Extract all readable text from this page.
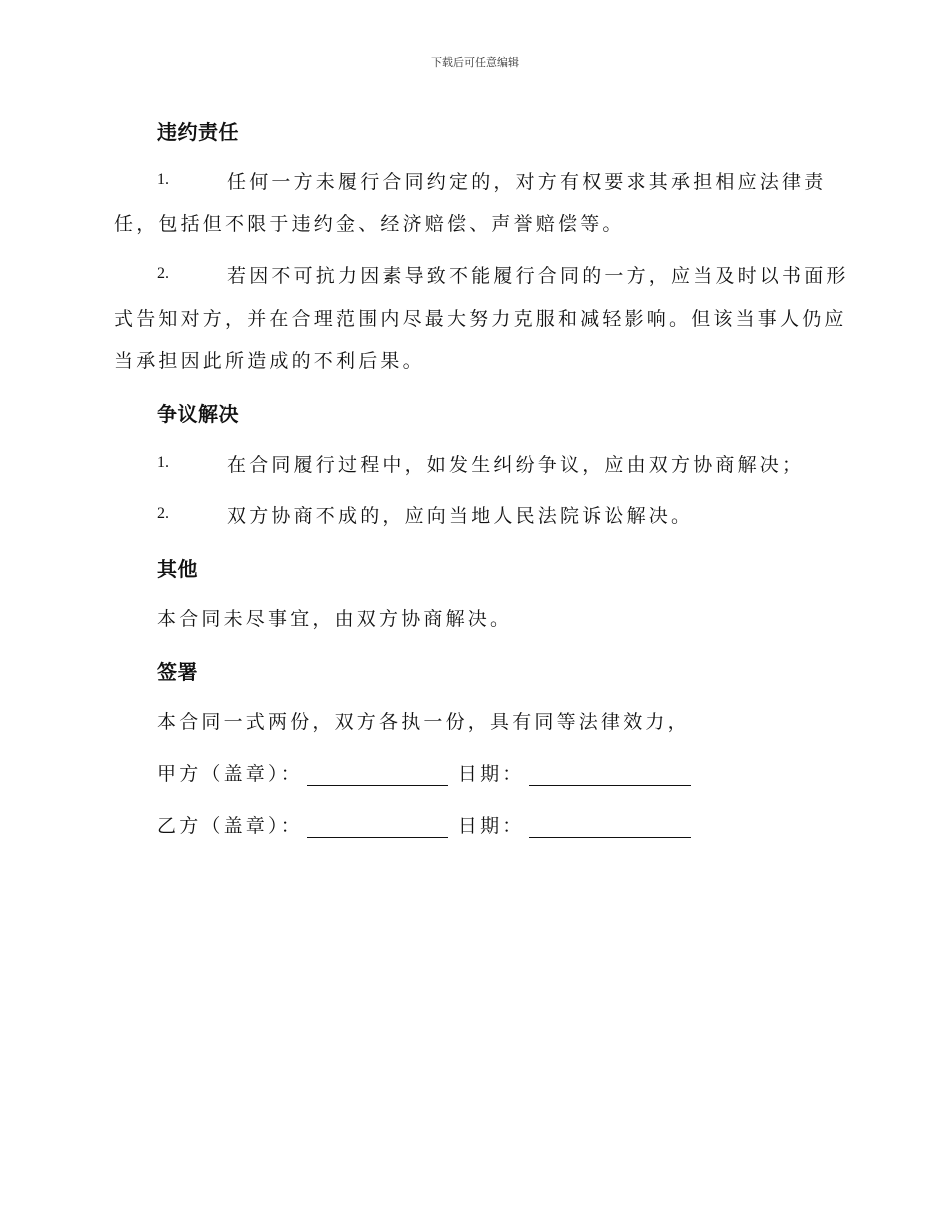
下载后可任意编辑
违约责任
1.	任何一方未履行合同约定的，对方有权要求其承担相应法律责
任，包括但不限于违约金、经济赔偿、声誉赔偿等。
2.	若因不可抗力因素导致不能履行合同的一方，应当及时以书面形
式告知对方，并在合理范围内尽最大努力克服和减轻影响。但该当事人仍应
当承担因此所造成的不利后果。
争议解决
1.	在合同履行过程中，如发生纠纷争议，应由双方协商解决；
2.	双方协商不成的，应向当地人民法院诉讼解决。
其他
本合同未尽事宜，由双方协商解决。
签署
本合同一式两份，双方各执一份，具有同等法律效力，
甲方（盖章）：	日期：
乙方（盖章）：	日期：
